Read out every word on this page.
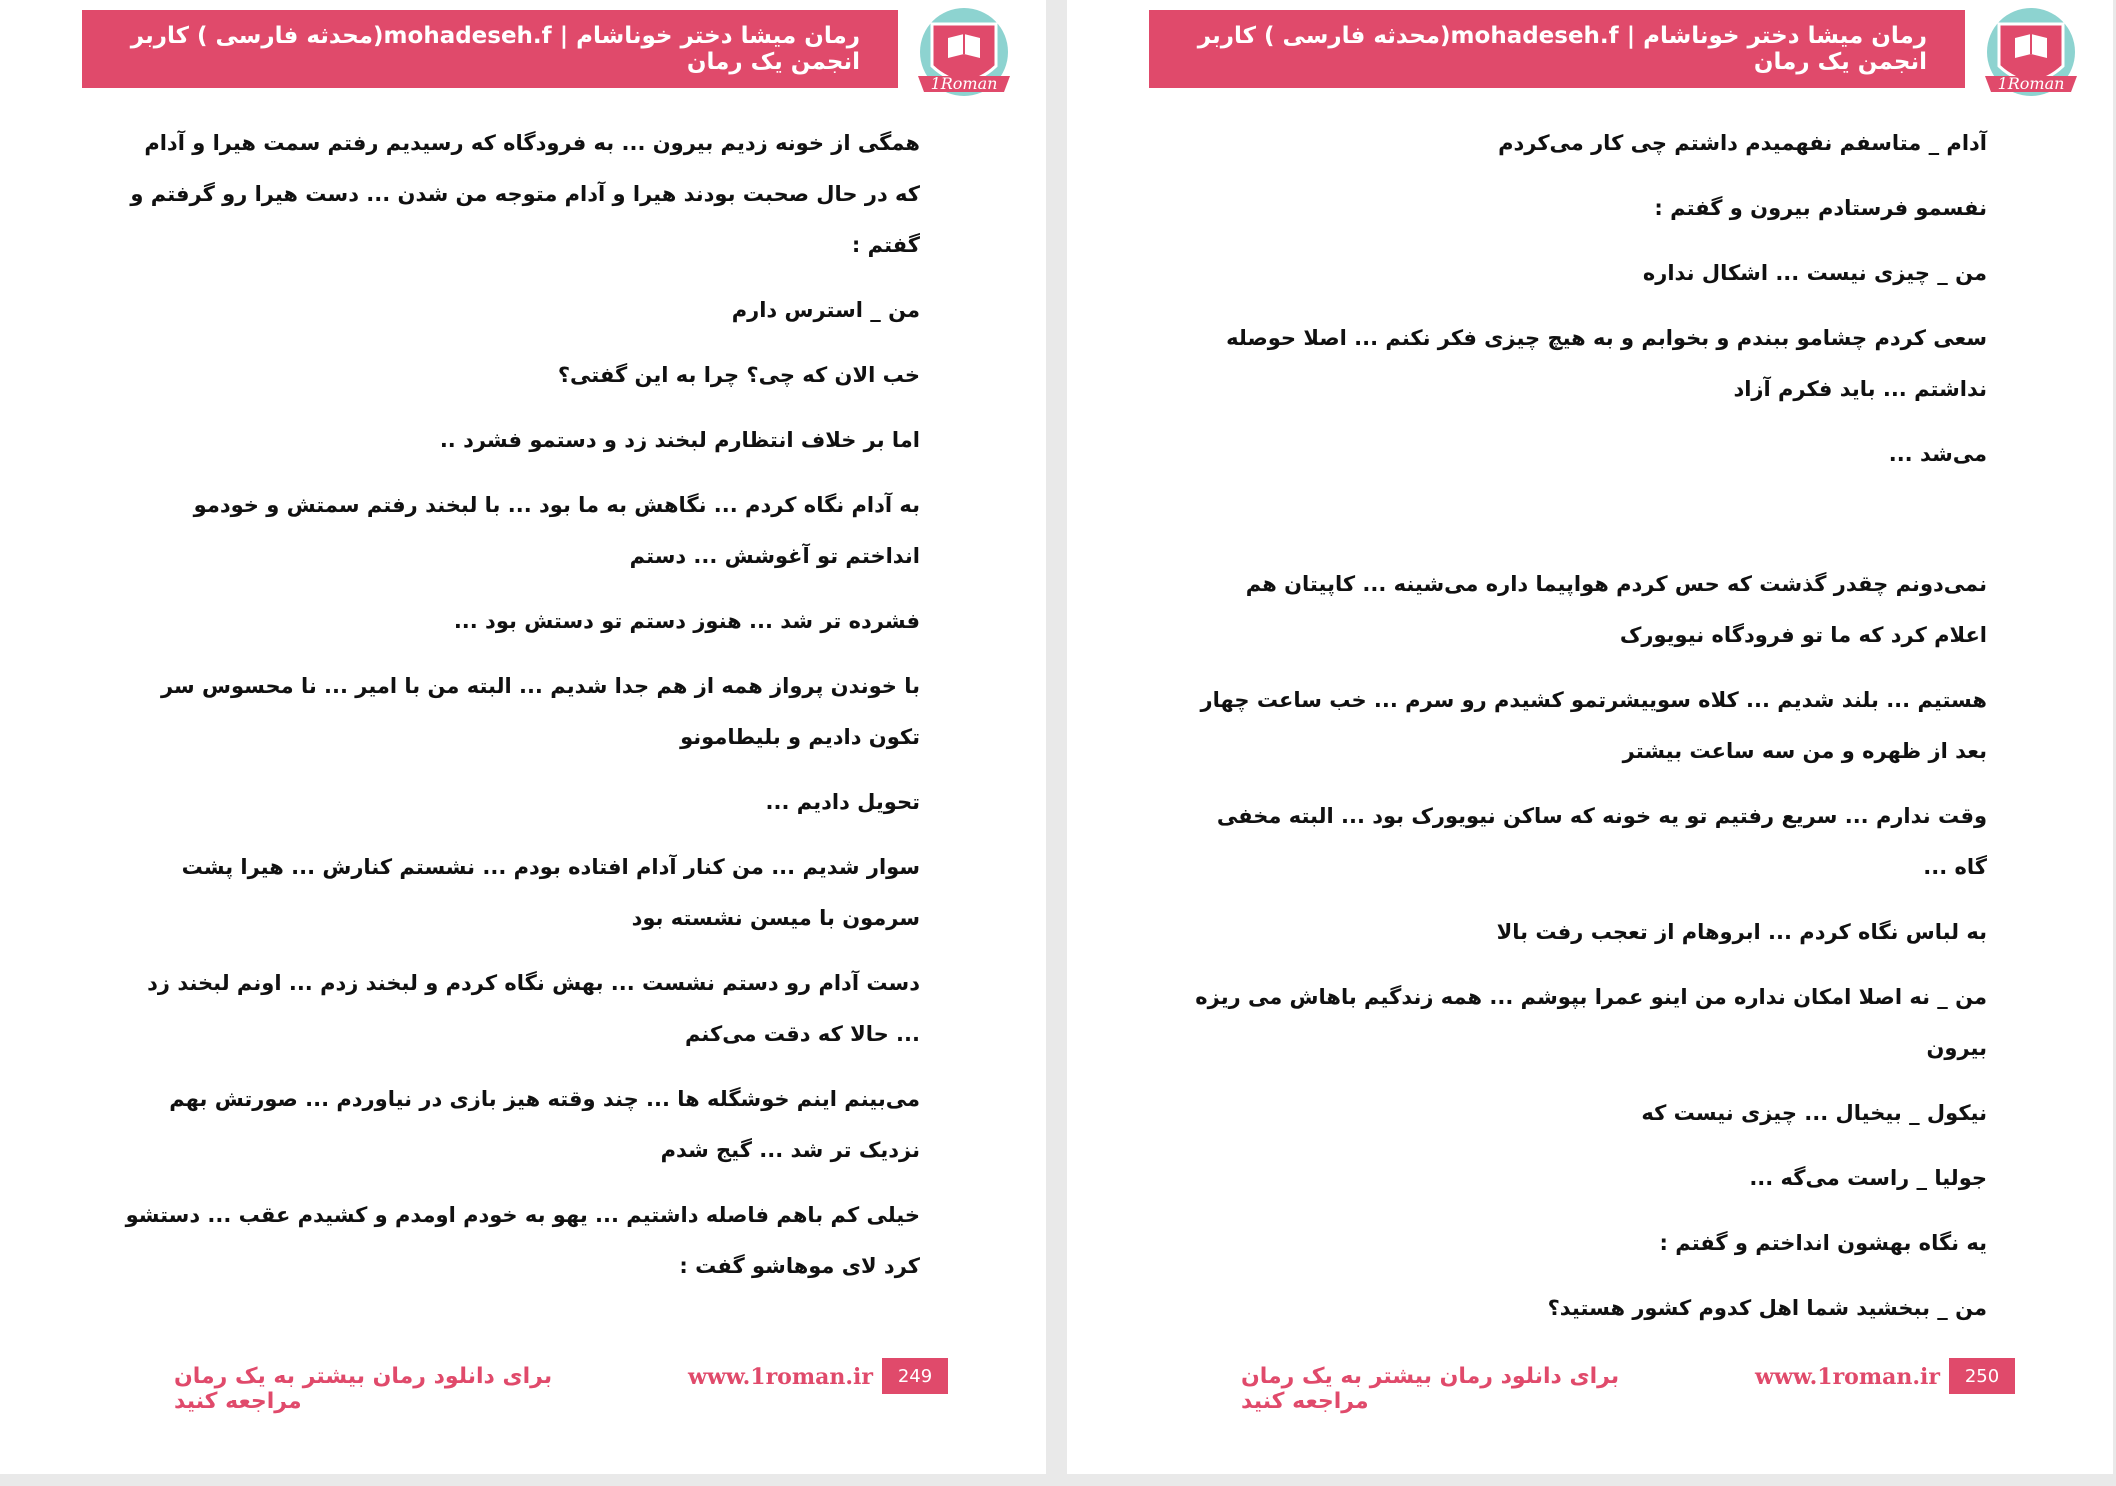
رمان میشا دختر خوناشام | mohadeseh.f(محدثه فارسی ) کاربر انجمن یک رمان
1Roman

همگی از خونه زدیم بیرون ... به فرودگاه که رسیدیم رفتم سمت هیرا و آدام که در حال صحبت بودند هیرا و آدام متوجه من شدن ... دست هیرا رو گرفتم و گفتم :

من _ استرس دارم

خب الان که چی؟ چرا به این گفتی؟

اما بر خلاف انتظارم لبخند زد و دستمو فشرد ..

به آدام نگاه کردم ... نگاهش به ما بود ... با لبخند رفتم سمتش و خودمو انداختم تو آغوشش ... دستم

فشرده تر شد ... هنوز دستم تو دستش بود ...

با خوندن پرواز همه از هم جدا شدیم ... البته من با امیر ... نا محسوس سر تکون دادیم و بلیطامونو

تحویل دادیم ...

سوار شدیم ... من کنار آدام افتاده بودم ... نشستم کنارش ... هیرا پشت سرمون با میسن نشسته بود

دست آدام رو دستم نشست ... بهش نگاه کردم و لبخند زدم ... اونم لبخند زد ... حالا که دقت می‌کنم

می‌بینم اینم خوشگله ها ... چند وقته هیز بازی در نیاوردم ... صورتش بهم نزدیک تر شد ... گیج شدم

خیلی کم باهم فاصله داشتیم ... یهو به خودم اومدم و کشیدم عقب ... دستشو کرد لای موهاشو گفت :

برای دانلود رمان بیشتر به یک رمان مراجعه کنید
www.1roman.ir	249
رمان میشا دختر خوناشام | mohadeseh.f(محدثه فارسی ) کاربر انجمن یک رمان
1Roman

آدام _ متاسفم نفهمیدم داشتم چی کار می‌کردم

نفسمو فرستادم بیرون و گفتم :

من _ چیزی نیست ... اشکال نداره

سعی کردم چشامو ببندم و بخوابم و به هیچ چیزی فکر نکنم ... اصلا حوصله نداشتم ... باید فکرم آزاد

می‌شد ...

نمی‌دونم چقدر گذشت که حس کردم هواپیما داره می‌شینه ... کاپیتان هم اعلام کرد که ما تو فرودگاه نیویورک

هستیم ... بلند شدیم ... کلاه سوییشرتمو کشیدم رو سرم ... خب ساعت چهار بعد از ظهره و من سه ساعت بیشتر

وقت ندارم ... سریع رفتیم تو یه خونه که ساکن نیویورک بود ... البته مخفی گاه ...

به لباس نگاه کردم ... ابروهام از تعجب رفت بالا

من _ نه اصلا امکان نداره من اینو عمرا بپوشم ... همه زندگیم باهاش می ریزه بیرون

نیکول _ بیخیال ... چیزی نیست که

جولیا _ راست می‌گه ...

یه نگاه بهشون انداختم و گفتم :

من _ ببخشید شما اهل کدوم کشور هستید؟

برای دانلود رمان بیشتر به یک رمان مراجعه کنید
www.1roman.ir	250
